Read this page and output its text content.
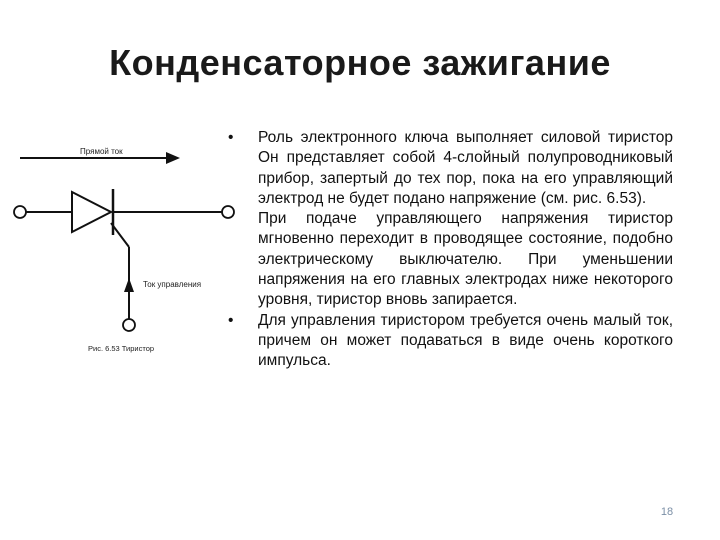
Конденсаторное зажигание
Прямой ток
Ток управления
Рис. 6.53 Тиристор
• Роль электронного ключа выполняет силовой тиристор Он представляет собой 4-слойный полупроводниковый прибор, запертый до тех пор, пока на его управляющий электрод не будет подано напряжение (см. рис. 6.53).

При подаче управляющего напряжения тиристор мгновенно переходит в проводящее состояние, подобно электрическому выключателю. При уменьшении напряжения на его главных электродах ниже некоторого уровня, тиристор вновь запирается.

• Для управления тиристором требуется очень малый ток, причем он может подаваться в виде очень короткого импульса.

18
